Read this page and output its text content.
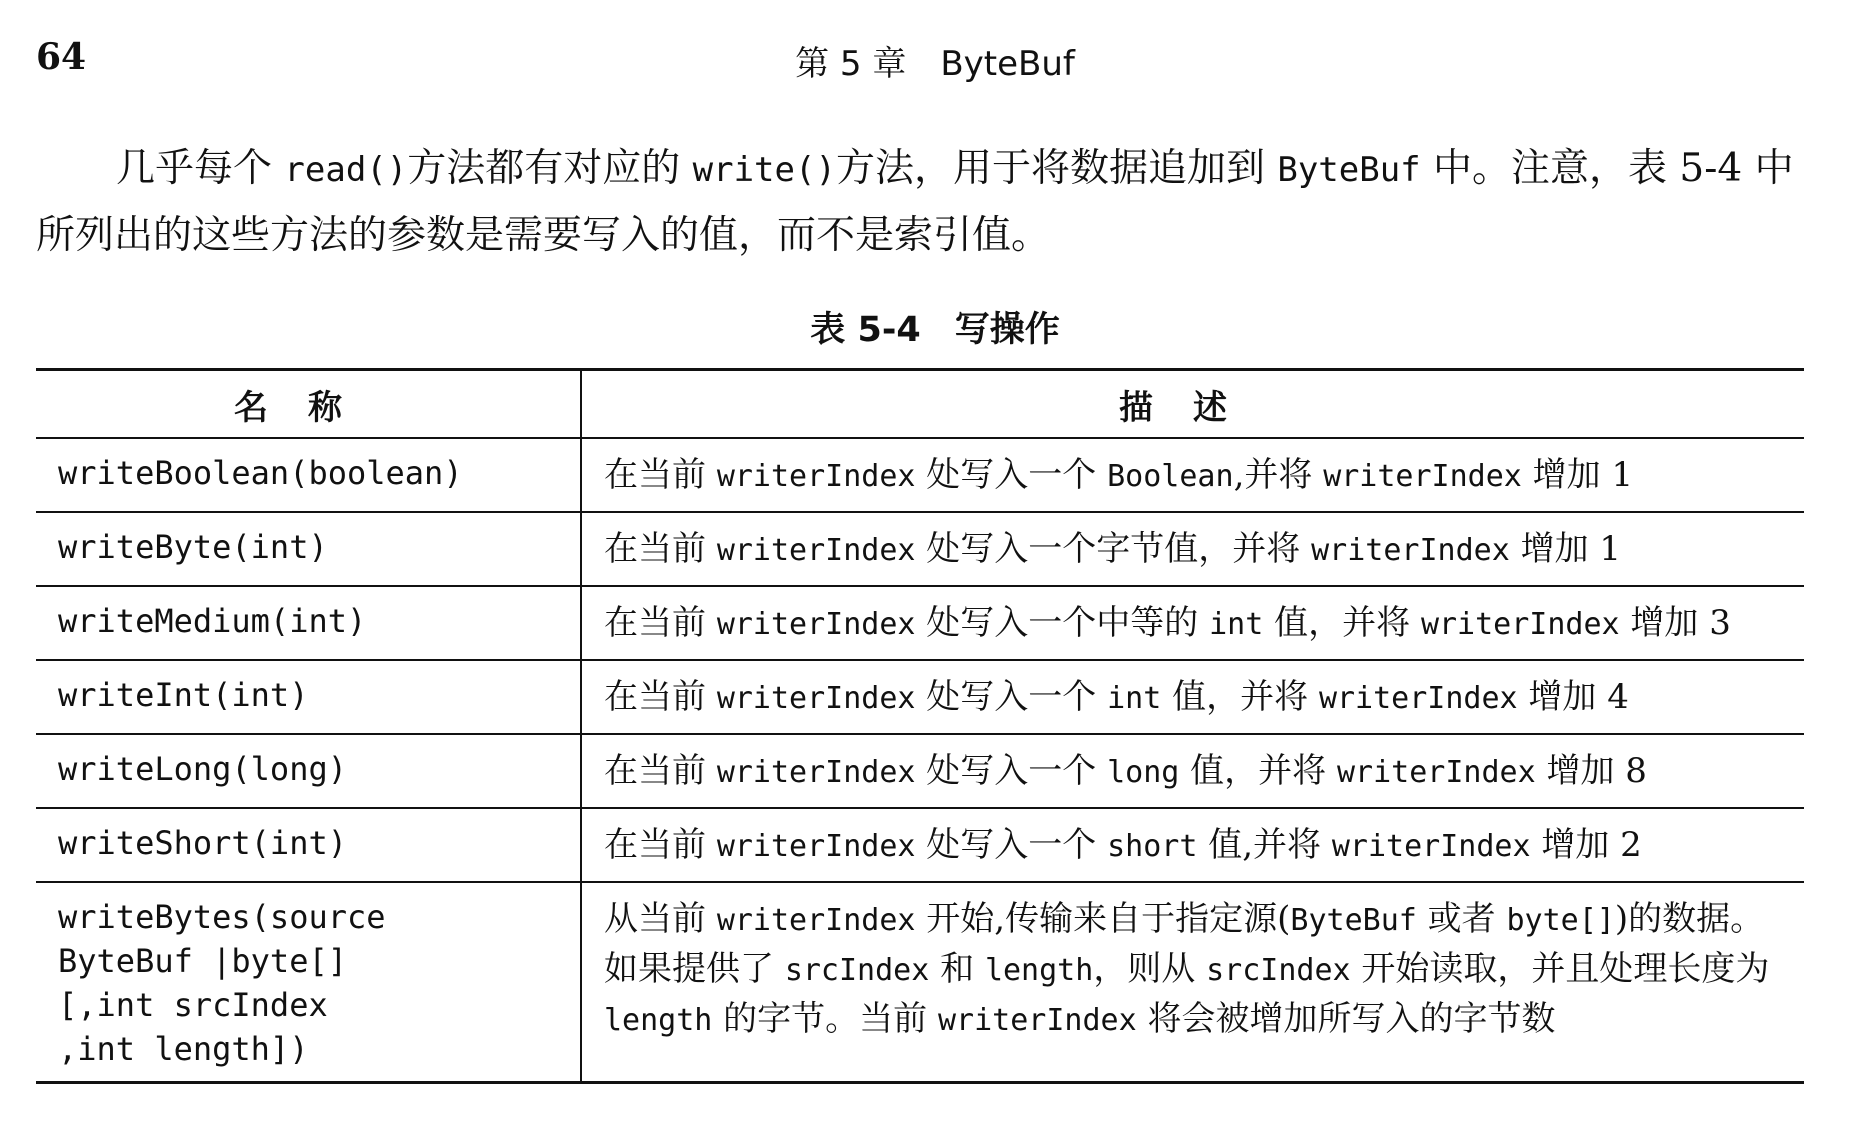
64	第 5 章 ByteBuf

几乎每个 read()方法都有对应的 write()方法，用于将数据追加到 ByteBuf 中。注意，表 5-4 中所列出的这些方法的参数是需要写入的值，而不是索引值。

表 5-4 写操作
名称	描述
writeBoolean(boolean)	在当前 writerIndex 处写入一个 Boolean,并将 writerIndex 增加 1
writeByte(int)	在当前 writerIndex 处写入一个字节值，并将 writerIndex 增加 1
writeMedium(int)	在当前 writerIndex 处写入一个中等的 int 值，并将 writerIndex 增加 3
writeInt(int)	在当前 writerIndex 处写入一个 int 值，并将 writerIndex 增加 4
writeLong(long)	在当前 writerIndex 处写入一个 long 值，并将 writerIndex 增加 8
writeShort(int)	在当前 writerIndex 处写入一个 short 值,并将 writerIndex 增加 2
writeBytes(source
ByteBuf |byte[]
[,int srcIndex
,int length])	从当前 writerIndex 开始,传输来自于指定源(ByteBuf 或者 byte[])的数据。如果提供了 srcIndex 和 length，则从 srcIndex 开始读取，并且处理长度为 length 的字节。当前 writerIndex 将会被增加所写入的字节数
